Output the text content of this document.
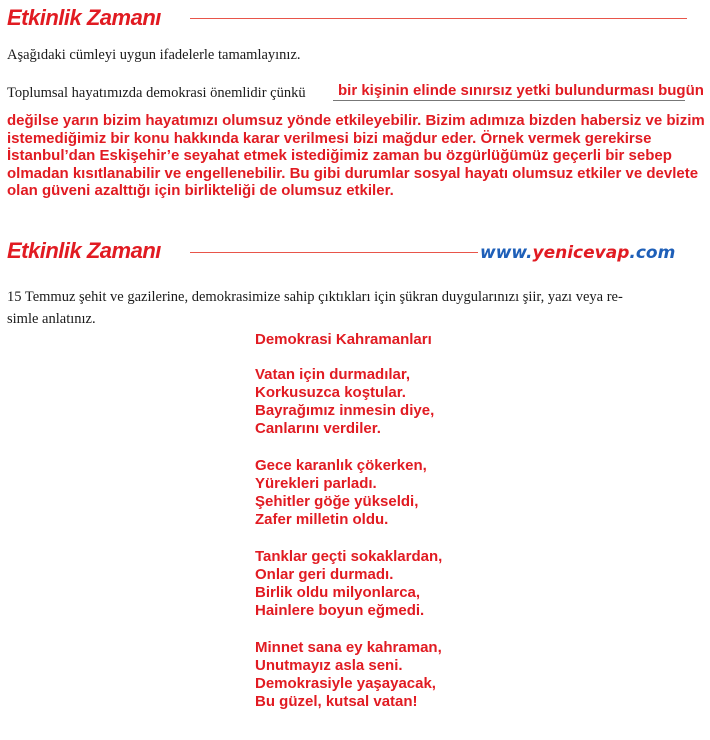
Etkinlik Zamanı
Aşağıdaki cümleyi uygun ifadelerle tamamlayınız.
Toplumsal hayatımızda demokrasi önemlidir çünkü bir kişinin elinde sınırsız yetki bulundurması bugün
değilse yarın bizim hayatımızı olumsuz yönde etkileyebilir. Bizim adımıza bizden habersiz ve bizim
istemediğimiz bir konu hakkında karar verilmesi bizi mağdur eder. Örnek vermek gerekirse
İstanbul’dan Eskişehir’e seyahat etmek istediğimiz zaman bu özgürlüğümüz geçerli bir sebep
olmadan kısıtlanabilir ve engellenebilir. Bu gibi durumlar sosyal hayatı olumsuz etkiler ve devlete
olan güveni azalttığı için birlikteliği de olumsuz etkiler.
Etkinlik Zamanı	www.yenicevap.com
15 Temmuz şehit ve gazilerine, demokrasimize sahip çıktıkları için şükran duygularınızı şiir, yazı veya re-
simle anlatınız.
Demokrasi Kahramanları
Vatan için durmadılar,
Korkusuzca koştular.
Bayrağımız inmesin diye,
Canlarını verdiler.
Gece karanlık çökerken,
Yürekleri parladı.
Şehitler göğe yükseldi,
Zafer milletin oldu.
Tanklar geçti sokaklardan,
Onlar geri durmadı.
Birlik oldu milyonlarca,
Hainlere boyun eğmedi.
Minnet sana ey kahraman,
Unutmayız asla seni.
Demokrasiyle yaşayacak,
Bu güzel, kutsal vatan!
